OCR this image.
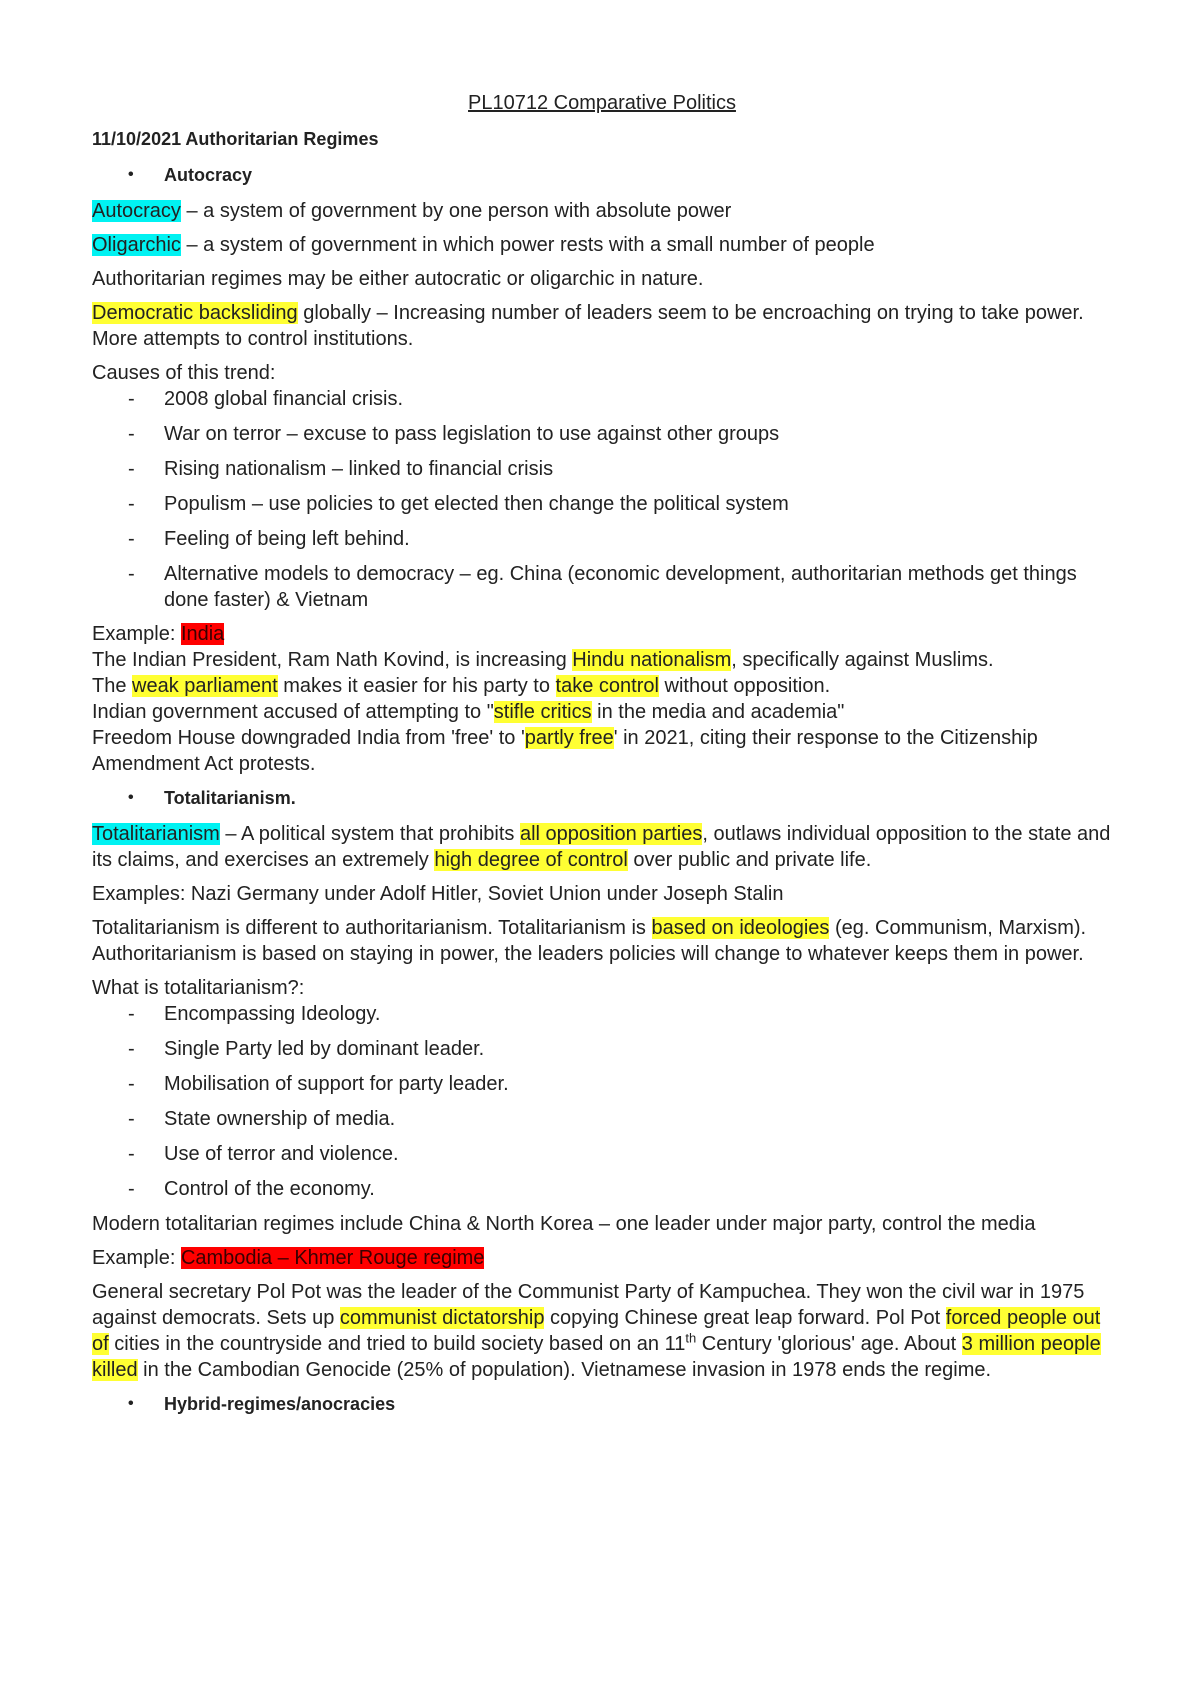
PL10712 Comparative Politics
11/10/2021 Authoritarian Regimes
• Autocracy

Autocracy – a system of government by one person with absolute power

Oligarchic – a system of government in which power rests with a small number of people

Authoritarian regimes may be either autocratic or oligarchic in nature.

Democratic backsliding globally – Increasing number of leaders seem to be encroaching on trying to take power. More attempts to control institutions.

Causes of this trend:

- 2008 global financial crisis.
- War on terror – excuse to pass legislation to use against other groups
- Rising nationalism – linked to financial crisis
- Populism – use policies to get elected then change the political system
- Feeling of being left behind.
- Alternative models to democracy – eg. China (economic development, authoritarian methods get things done faster) & Vietnam

Example: India

The Indian President, Ram Nath Kovind, is increasing Hindu nationalism, specifically against Muslims.

The weak parliament makes it easier for his party to take control without opposition.

Indian government accused of attempting to "stifle critics in the media and academia"

Freedom House downgraded India from 'free' to 'partly free' in 2021, citing their response to the Citizenship Amendment Act protests.

• Totalitarianism.

Totalitarianism – A political system that prohibits all opposition parties, outlaws individual opposition to the state and its claims, and exercises an extremely high degree of control over public and private life.

Examples: Nazi Germany under Adolf Hitler, Soviet Union under Joseph Stalin

Totalitarianism is different to authoritarianism. Totalitarianism is based on ideologies (eg. Communism, Marxism). Authoritarianism is based on staying in power, the leaders policies will change to whatever keeps them in power.

What is totalitarianism?:

- Encompassing Ideology.
- Single Party led by dominant leader.
- Mobilisation of support for party leader.
- State ownership of media.
- Use of terror and violence.
- Control of the economy.

Modern totalitarian regimes include China & North Korea – one leader under major party, control the media

Example: Cambodia – Khmer Rouge regime

General secretary Pol Pot was the leader of the Communist Party of Kampuchea. They won the civil war in 1975 against democrats. Sets up communist dictatorship copying Chinese great leap forward. Pol Pot forced people out of cities in the countryside and tried to build society based on an 11th Century 'glorious' age. About 3 million people killed in the Cambodian Genocide (25% of population). Vietnamese invasion in 1978 ends the regime.

• Hybrid-regimes/anocracies
